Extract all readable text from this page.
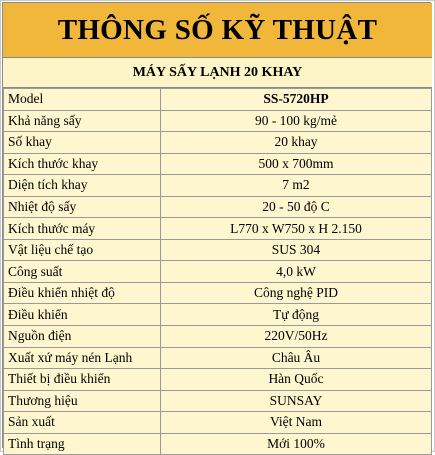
THÔNG SỐ KỸ THUẬT
MÁY SẤY LẠNH 20 KHAY
Model	SS-5720HP
Khả năng sấy	90 - 100 kg/mẻ
Số khay	20 khay
Kích thước khay	500 x 700mm
Diện tích khay	7 m2
Nhiệt độ sấy	20 - 50 độ C
Kích thước máy	L770 x W750 x H 2.150
Vật liệu chế tạo	SUS 304
Công suất	4,0 kW
Điều khiển nhiệt độ	Công nghệ PID
Điều khiển	Tự động
Nguồn điện	220V/50Hz
Xuất xứ máy nén Lạnh	Châu Âu
Thiết bị điều khiển	Hàn Quốc
Thương hiệu	SUNSAY
Sản xuất	Việt Nam
Tình trạng	Mới 100%
